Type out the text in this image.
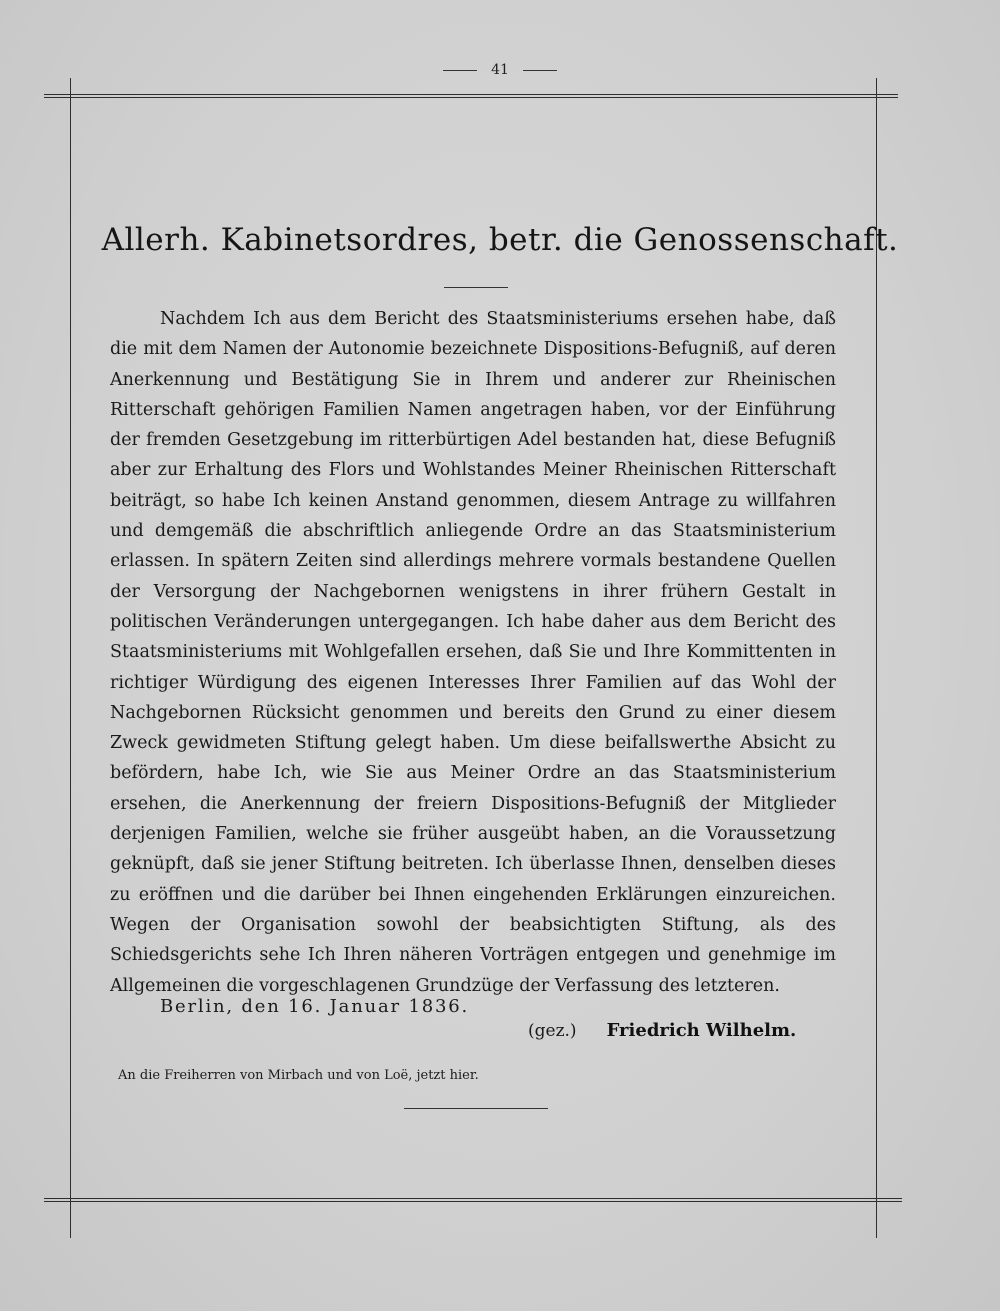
41
Allerh. Kabinetsordres, betr. die Genossenschaft.

Nachdem Ich aus dem Bericht des Staatsministeriums ersehen habe, daß die mit dem Namen der Autonomie bezeichnete Dispositions-Befugniß, auf deren Anerkennung und Bestätigung Sie in Ihrem und anderer zur Rheinischen Ritterschaft gehörigen Familien Namen angetragen haben, vor der Einführung der fremden Gesetzgebung im ritterbürtigen Adel bestanden hat, diese Befugniß aber zur Erhaltung des Flors und Wohlstandes Meiner Rheinischen Ritterschaft beiträgt, so habe Ich keinen Anstand genommen, diesem Antrage zu willfahren und demgemäß die abschriftlich anliegende Ordre an das Staatsministerium erlassen. In spätern Zeiten sind allerdings mehrere vormals bestandene Quellen der Versorgung der Nachgebornen wenigstens in ihrer frühern Gestalt in politischen Veränderungen untergegangen. Ich habe daher aus dem Bericht des Staatsministeriums mit Wohlgefallen ersehen, daß Sie und Ihre Kommittenten in richtiger Würdigung des eigenen Interesses Ihrer Familien auf das Wohl der Nachgebornen Rücksicht genommen und bereits den Grund zu einer diesem Zweck gewidmeten Stiftung gelegt haben. Um diese beifallswerthe Absicht zu befördern, habe Ich, wie Sie aus Meiner Ordre an das Staatsministerium ersehen, die Anerkennung der freiern Dispositions-Befugniß der Mitglieder derjenigen Familien, welche sie früher ausgeübt haben, an die Voraussetzung geknüpft, daß sie jener Stiftung beitreten. Ich überlasse Ihnen, denselben dieses zu eröffnen und die darüber bei Ihnen eingehenden Erklärungen einzureichen. Wegen der Organisation sowohl der beabsichtigten Stiftung, als des Schiedsgerichts sehe Ich Ihren näheren Vorträgen entgegen und genehmige im Allgemeinen die vorgeschlagenen Grundzüge der Verfassung des letzteren.

Berlin, den 16. Januar 1836.
(gez.) Friedrich Wilhelm.
An die Freiherren von Mirbach und von Loë, jetzt hier.
